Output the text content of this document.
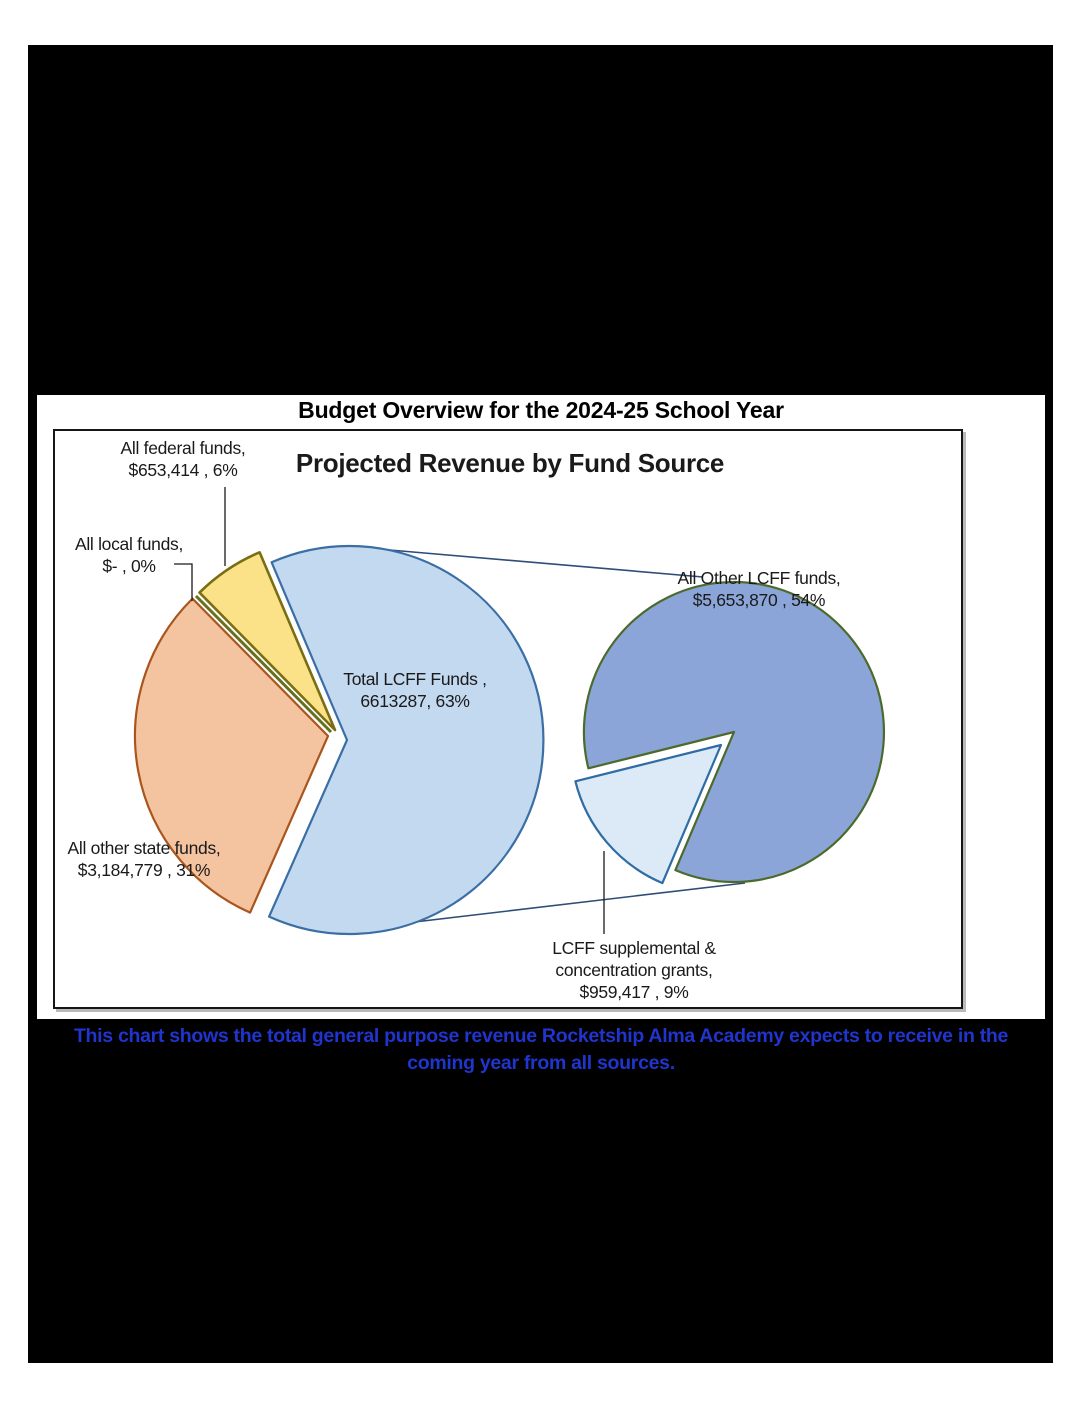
Budget Overview for the 2024-25 School Year
Projected Revenue by Fund Source
All federal funds,
$653,414 , 6%
All local funds,
$- , 0%
All other state funds,
$3,184,779 , 31%
Total LCFF Funds ,
6613287, 63%
All Other LCFF funds,
$5,653,870 , 54%
LCFF supplemental &
concentration grants,
$959,417 , 9%
This chart shows the total general purpose revenue Rocketship Alma Academy expects to receive in the
coming year from all sources.
